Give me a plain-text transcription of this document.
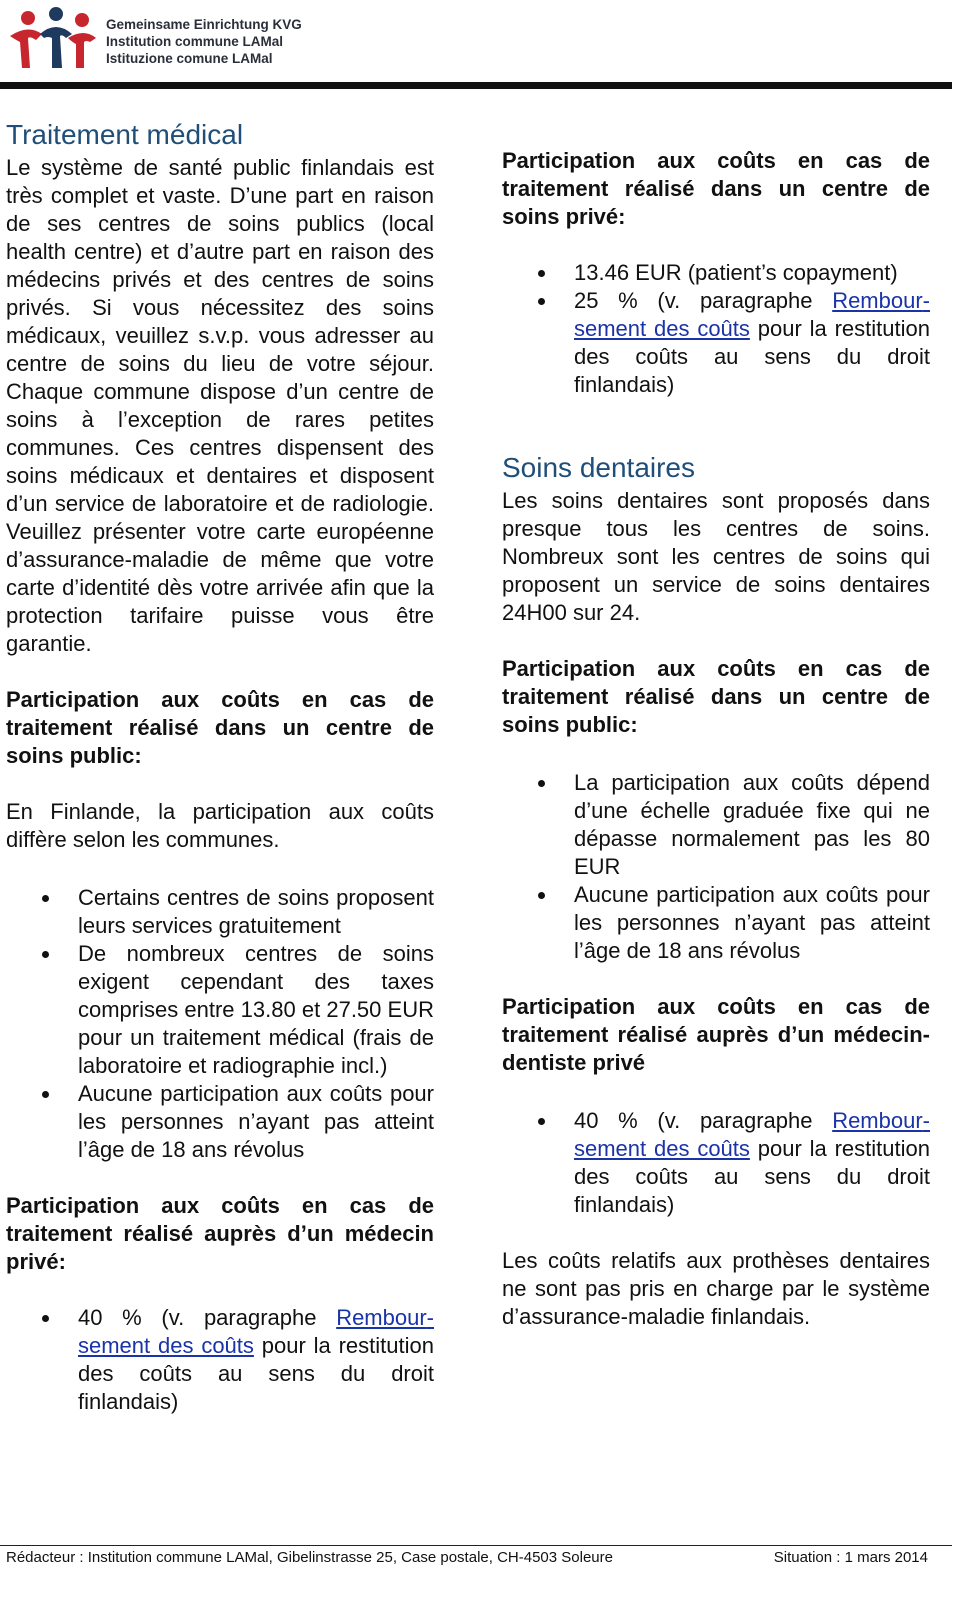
Gemeinsame Einrichtung KVG
Institution commune LAMal
Istituzione comune LAMal
Traitement médical

Le système de santé public finlandais est très complet et vaste. D’une part en raison de ses centres de soins publics (local health centre) et d’autre part en raison des médecins privés et des centres de soins privés. Si vous nécessitez des soins médicaux, veuillez s.v.p. vous adresser au centre de soins du lieu de votre séjour. Chaque commune dispose d’un centre de soins à l’exception de rares petites communes. Ces centres dispensent des soins médicaux et dentaires et disposent d’un service de laboratoire et de radiologie. Veuillez présenter votre carte européenne d’assurance-maladie de même que votre carte d’identité dès votre arrivée afin que la protection tarifaire puisse vous être garantie.

Participation aux coûts en cas de traitement réalisé dans un centre de soins public:

En Finlande, la participation aux coûts diffère selon les communes.

Certains centres de soins proposent leurs services gratuitement
De nombreux centres de soins exigent cependant des taxes comprises entre 13.80 et 27.50 EUR pour un traitement médical (frais de laboratoire et radiographie incl.)
Aucune participation aux coûts pour les personnes n’ayant pas atteint l’âge de 18 ans révolus

Participation aux coûts en cas de traitement réalisé auprès d’un médecin privé:

40 % (v. paragraphe Remboursement des coûts pour la restitution des coûts au sens du droit finlandais)

Participation aux coûts en cas de traitement réalisé dans un centre de soins privé:

13.46 EUR (patient’s copayment)
25 % (v. paragraphe Remboursement des coûts pour la restitution des coûts au sens du droit finlandais)
Soins dentaires

Les soins dentaires sont proposés dans presque tous les centres de soins. Nombreux sont les centres de soins qui proposent un service de soins dentaires 24H00 sur 24.

Participation aux coûts en cas de traitement réalisé dans un centre de soins public:

La participation aux coûts dépend d’une échelle graduée fixe qui ne dépasse normalement pas les 80 EUR
Aucune participation aux coûts pour les personnes n’ayant pas atteint l’âge de 18 ans révolus

Participation aux coûts en cas de traitement réalisé auprès d’un médecin-dentiste privé

40 % (v. paragraphe Remboursement des coûts pour la restitution des coûts au sens du droit finlandais)

Les coûts relatifs aux prothèses dentaires ne sont pas pris en charge par le système d’assurance-maladie finlandais.

Rédacteur : Institution commune LAMal, Gibelinstrasse 25, Case postale, CH-4503 Soleure	Situation : 1 mars 2014
